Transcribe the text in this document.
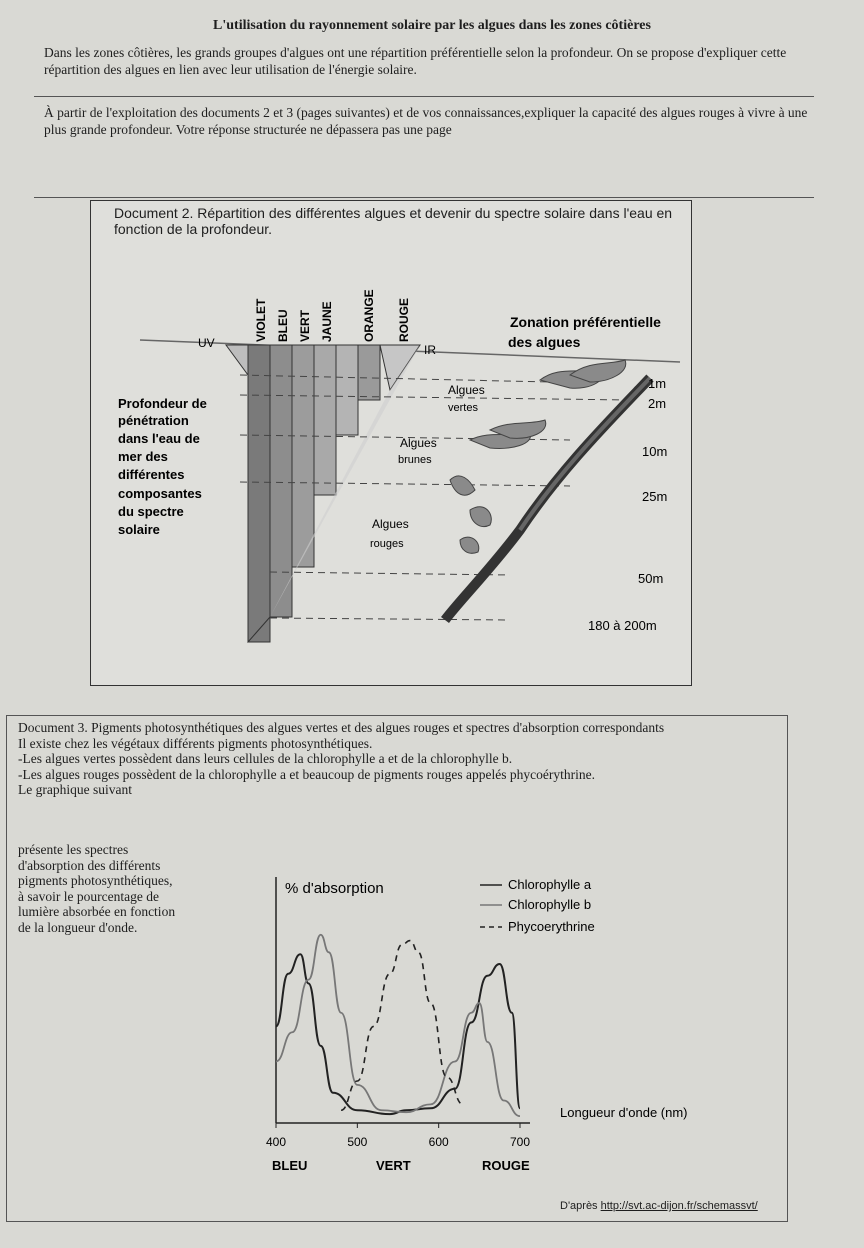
L'utilisation du rayonnement solaire par les algues dans les zones côtières
Dans les zones côtières, les grands groupes d'algues ont une répartition préférentielle selon la profondeur. On se propose d'expliquer cette répartition des algues en lien avec leur utilisation de l'énergie solaire.
À partir de l'exploitation des documents 2 et 3 (pages suivantes) et de vos connaissances,expliquer la capacité des algues rouges à vivre à une plus grande profondeur. Votre réponse structurée ne dépassera pas une page
Document 2. Répartition des différentes algues et devenir du spectre solaire dans l'eau en fonction de la profondeur.
UV
VIOLET BLEU VERT JAUNE ORANGE ROUGE
IR
Profondeur de
pénétration
dans l'eau de
mer des
différentes
composantes
du spectre
solaire
Zonation préférentielle
des algues
Algues
vertes
Algues
brunes
Algues
rouges
1m
2m
10m
25m
50m
180 à 200m
Document 3. Pigments photosynthétiques des algues vertes et des algues rouges et spectres d'absorption correspondants
Il existe chez les végétaux différents pigments photosynthétiques.
-Les algues vertes possèdent dans leurs cellules de la chlorophylle a et de la chlorophylle b.
-Les algues rouges possèdent de la chlorophylle a et beaucoup de pigments rouges appelés phycoérythrine.
Le graphique suivant
présente les spectres
d'absorption des différents
pigments photosynthétiques,
à savoir le pourcentage de
lumière absorbée en fonction
de la longueur d'onde.
% d'absorption
Longueur d'onde (nm)
Chlorophylle a
Chlorophylle b
Phycoerythrine
400	500	600	700
BLEU	VERT	ROUGE
D'après http://svt.ac-dijon.fr/schemassvt/
